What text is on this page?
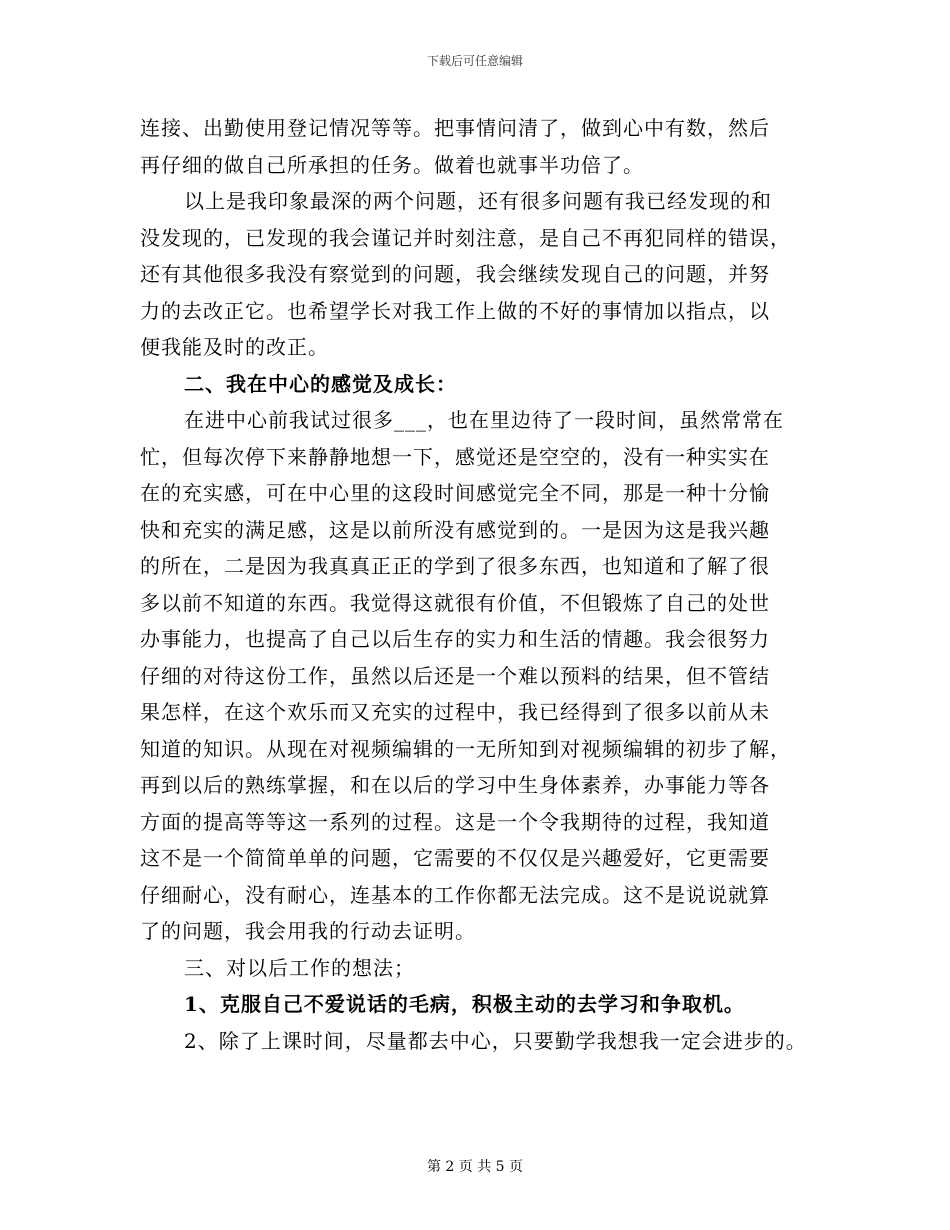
下载后可任意编辑
连接、出勤使用登记情况等等。把事情问清了，做到心中有数，然后
再仔细的做自己所承担的任务。做着也就事半功倍了。
以上是我印象最深的两个问题，还有很多问题有我已经发现的和
没发现的，已发现的我会谨记并时刻注意，是自己不再犯同样的错误，
还有其他很多我没有察觉到的问题，我会继续发现自己的问题，并努
力的去改正它。也希望学长对我工作上做的不好的事情加以指点，以
便我能及时的改正。
二、我在中心的感觉及成长：
在进中心前我试过很多___，也在里边待了一段时间，虽然常常在
忙，但每次停下来静静地想一下，感觉还是空空的，没有一种实实在
在的充实感，可在中心里的这段时间感觉完全不同，那是一种十分愉
快和充实的满足感，这是以前所没有感觉到的。一是因为这是我兴趣
的所在，二是因为我真真正正的学到了很多东西，也知道和了解了很
多以前不知道的东西。我觉得这就很有价值，不但锻炼了自己的处世
办事能力，也提高了自己以后生存的实力和生活的情趣。我会很努力
仔细的对待这份工作，虽然以后还是一个难以预料的结果，但不管结
果怎样，在这个欢乐而又充实的过程中，我已经得到了很多以前从未
知道的知识。从现在对视频编辑的一无所知到对视频编辑的初步了解，
再到以后的熟练掌握，和在以后的学习中生身体素养，办事能力等各
方面的提高等等这一系列的过程。这是一个令我期待的过程，我知道
这不是一个简简单单的问题，它需要的不仅仅是兴趣爱好，它更需要
仔细耐心，没有耐心，连基本的工作你都无法完成。这不是说说就算
了的问题，我会用我的行动去证明。
三、对以后工作的想法；
1、克服自己不爱说话的毛病，积极主动的去学习和争取机。
2、除了上课时间，尽量都去中心，只要勤学我想我一定会进步的。
第 2 页 共 5 页
